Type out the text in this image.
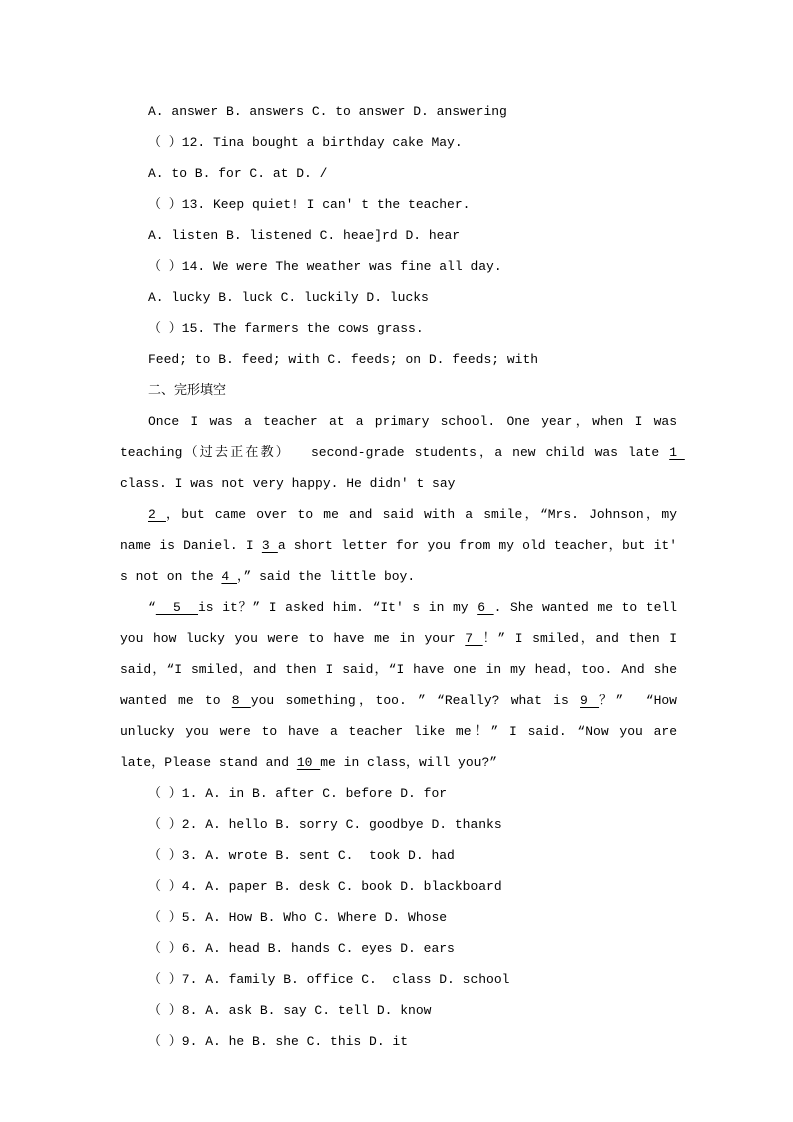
A. answer B. answers C. to answer D. answering
（ ）12. Tina bought a birthday cake May.
A. to B. for C. at D. /
（ ）13. Keep quiet! I can' t the teacher.
A. listen B. listened C. heae]rd D. hear
（ ）14. We were The weather was fine all day.
A. lucky B. luck C. luckily D. lucks
（ ）15. The farmers the cows grass.
Feed; to B. feed; with C. feeds; on D. feeds; with
二、完形填空

Once I was a teacher at a primary school. One year，when I was teaching（过去正在教）  second-grade students，a new child was late 1 class. I was not very happy. He didn' t say

2 ，but came over to me and said with a smile，“Mrs. Johnson，my name is Daniel. I 3 a short letter for you from my old teacher，but it' s not on the 4 ，” said the little boy.

“  5  is it？” I asked him. “It' s in my 6 . She wanted me to tell you how lucky you were to have me in your 7 ！” I smiled，and then I said，“I smiled，and then I said，“I have one in my head，too. And she wanted me to 8 you something，too. ” “Really? what is 9 ？”  “How unlucky you were to have a teacher like me！” I said. “Now you are late，Please stand and 10 me in class，will you?”

（ ）1. A. in B. after C. before D. for
（ ）2. A. hello B. sorry C. goodbye D. thanks
（ ）3. A. wrote B. sent C.  took D. had
（ ）4. A. paper B. desk C. book D. blackboard
（ ）5. A. How B. Who C. Where D. Whose
（ ）6. A. head B. hands C. eyes D. ears
（ ）7. A. family B. office C.  class D. school
（ ）8. A. ask B. say C. tell D. know
（ ）9. A. he B. she C. this D. it
